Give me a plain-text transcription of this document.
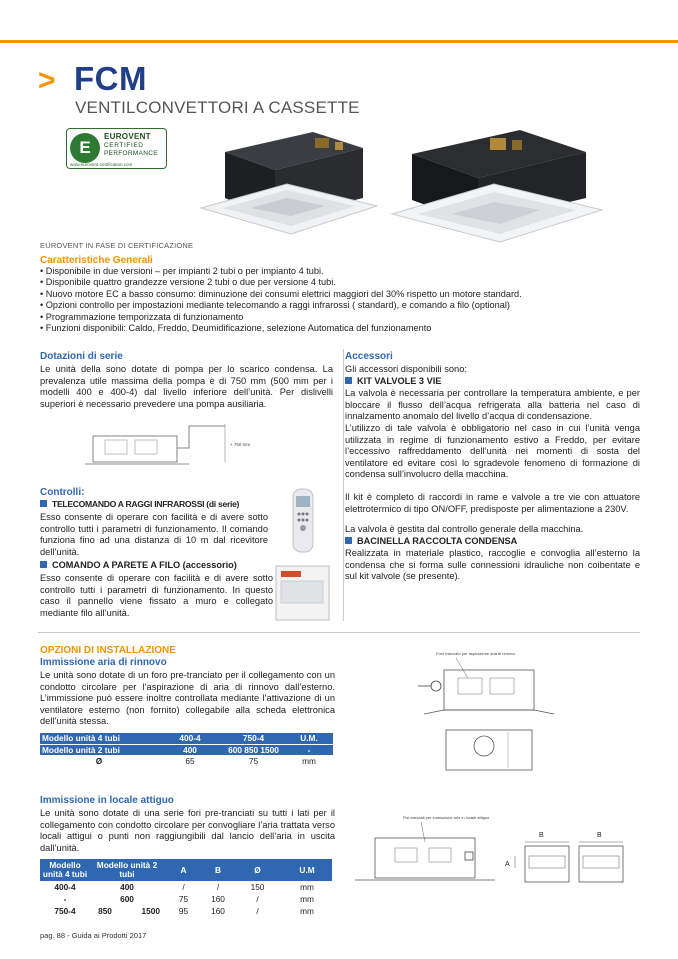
> FCM
VENTILCONVETTORI A CASSETTE
E
EUROVENT
CERTIFIED
PERFORMANCE
www.eurovent-certification.com
EUROVENT IN FASE DI CERTIFICAZIONE
Caratteristiche Generali
• Disponibile in due versioni – per impianti 2 tubi o per impianto 4 tubi.
• Disponibile quattro grandezze versione 2 tubi o due per versione 4 tubi.
• Nuovo motore EC a basso consumo: diminuzione dei consumi elettrici maggiori del 30% rispetto un motore standard.
• Opzioni controllo per impostazioni mediante telecomando a raggi infrarossi ( standard), e comando a filo (optional)
• Programmazione temporizzata di funzionamento
• Funzioni disponibili: Caldo, Freddo, Deumidificazione, selezione Automatica del funzionamento
Dotazioni di serie
Le unità della sono dotate di pompa per lo scarico condensa. La prevalenza utile massima della pompa è di 750 mm (500 mm per i modelli 400 e 400-4) dal livello inferiore dell’unità. Per dislivelli superiori è necessario prevedere una pompa ausiliaria.
+ 750 mm
Controlli:
TELECOMANDO A RAGGI INFRAROSSI (di serie)
Esso consente di operare con facilità e di avere sotto controllo tutti i parametri di funzionamento. Il comando funziona fino ad una distanza di 10 m dal ricevitore dell’unità.
COMANDO A PARETE A FILO (accessorio)
Esso consente di operare con facilità e di avere sotto controllo tutti i parametri di funzionamento. In questo caso il pannello viene fissato a muro e collegato mediante filo all’unità.
Accessori
Gli accessori disponibili sono:
KIT VALVOLE 3 VIE
La valvola è necessaria per controllare la temperatura ambiente, e per bloccare il flusso dell’acqua refrigerata alla batteria nel caso di innalzamento anomalo del livello d’acqua di condensazione.
L’utilizzo di tale valvola è obbligatorio nel caso in cui l’unità venga utilizzata in regime di funzionamento estivo a Freddo, per evitare l’eccessivo raffreddamento dell’unità nei momenti di sosta del ventilatore ed evitare così lo sgradevole fenomeno di formazione di condensa sull’involucro della macchina.
Il kit è completo di raccordi in rame e valvole a tre vie con attuatore elettrotermico di tipo ON/OFF, predisposte per alimentazione a 230V.
La valvola è gestita dal controllo generale della macchina.
BACINELLA RACCOLTA CONDENSA
Realizzata in materiale plastico, raccoglie e convoglia all’esterno la condensa che si forma sulle connessioni idrauliche non coibentate e sul kit valvole (se presente).
OPZIONI DI INSTALLAZIONE
Immissione aria di rinnovo
Le unità sono dotate di un foro pre-tranciato per il collegamento con un condotto circolare per l’aspirazione di aria di rinnovo dall’esterno. L’immissione può essere inoltre controllata mediante l’attivazione di un ventilatore esterno (non fornito) collegabile alla scheda elettronica dell’unità stessa.
Modello unità 4 tubi	400-4	750-4	U.M.
Modello unità 2 tubi	400	600 850 1500	-
Ø	65	75	mm
Foro tranciato per aspirazione aria di rinnovo
Immissione in locale attiguo
Le unità sono dotate di una serie fori pre-tranciati su tutti i lati per il collegamento con condotto circolare per convogliare l’aria trattata verso locali attigui o punti non raggiungibili dal lancio dell’aria in uscita dall’unità.
Modello unità 4 tubi	Modello unità 2 tubi		A	B	Ø	U.M
400-4	400		/	/	150	mm
-	600		75	160	/	mm
750-4	850	1500	95	160	/	mm
Pre-tranciati per immissione aria in locale attiguo
B	B
A
pag. 88 - Guida ai Prodotti 2017
